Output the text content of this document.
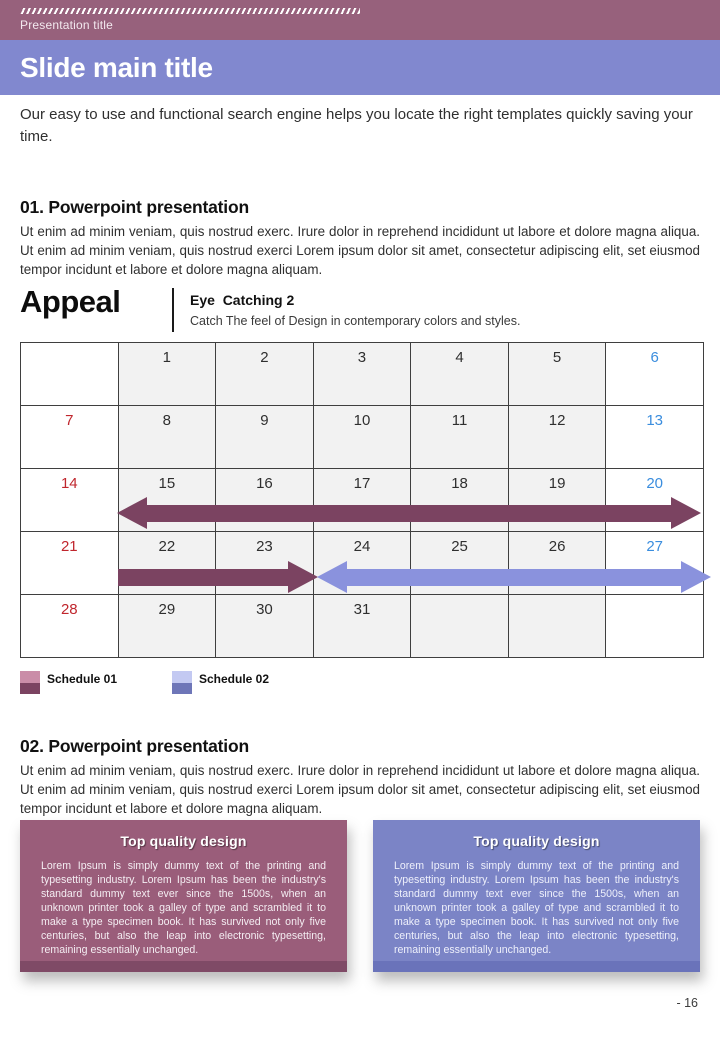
Presentation title
Slide main title
Our easy to use and functional search engine helps you locate the right templates quickly saving your time.
01. Powerpoint presentation
Ut enim ad minim veniam, quis nostrud exerc. Irure dolor in reprehend incididunt ut labore et dolore magna aliqua. Ut enim ad minim veniam, quis nostrud exerci Lorem ipsum dolor sit amet, consectetur adipiscing elit, set eiusmod tempor incidunt et labore et dolore magna aliquam.
Appeal	Eye  Catching 2
Catch The feel of Design in contemporary colors and styles.
	1	2	3	4	5	6
7	8	9	10	11	12	13
14	15	16	17	18	19	20
21	22	23	24	25	26	27
28	29	30	31			
Schedule 01	Schedule 02
02. Powerpoint presentation
Ut enim ad minim veniam, quis nostrud exerc. Irure dolor in reprehend incididunt ut labore et dolore magna aliqua. Ut enim ad minim veniam, quis nostrud exerci Lorem ipsum dolor sit amet, consectetur adipiscing elit, set eiusmod tempor incidunt et labore et dolore magna aliquam.
Top quality design
Lorem Ipsum is simply dummy text of the printing and typesetting industry. Lorem Ipsum has been the industry's standard dummy text ever since the 1500s, when an unknown printer took a galley of type and scrambled it to make a type specimen book. It has survived not only five centuries, but also the leap into electronic typesetting, remaining essentially unchanged.
Top quality design
Lorem Ipsum is simply dummy text of the printing and typesetting industry. Lorem Ipsum has been the industry's standard dummy text ever since the 1500s, when an unknown printer took a galley of type and scrambled it to make a type specimen book. It has survived not only five centuries, but also the leap into electronic typesetting, remaining essentially unchanged.
- 16
